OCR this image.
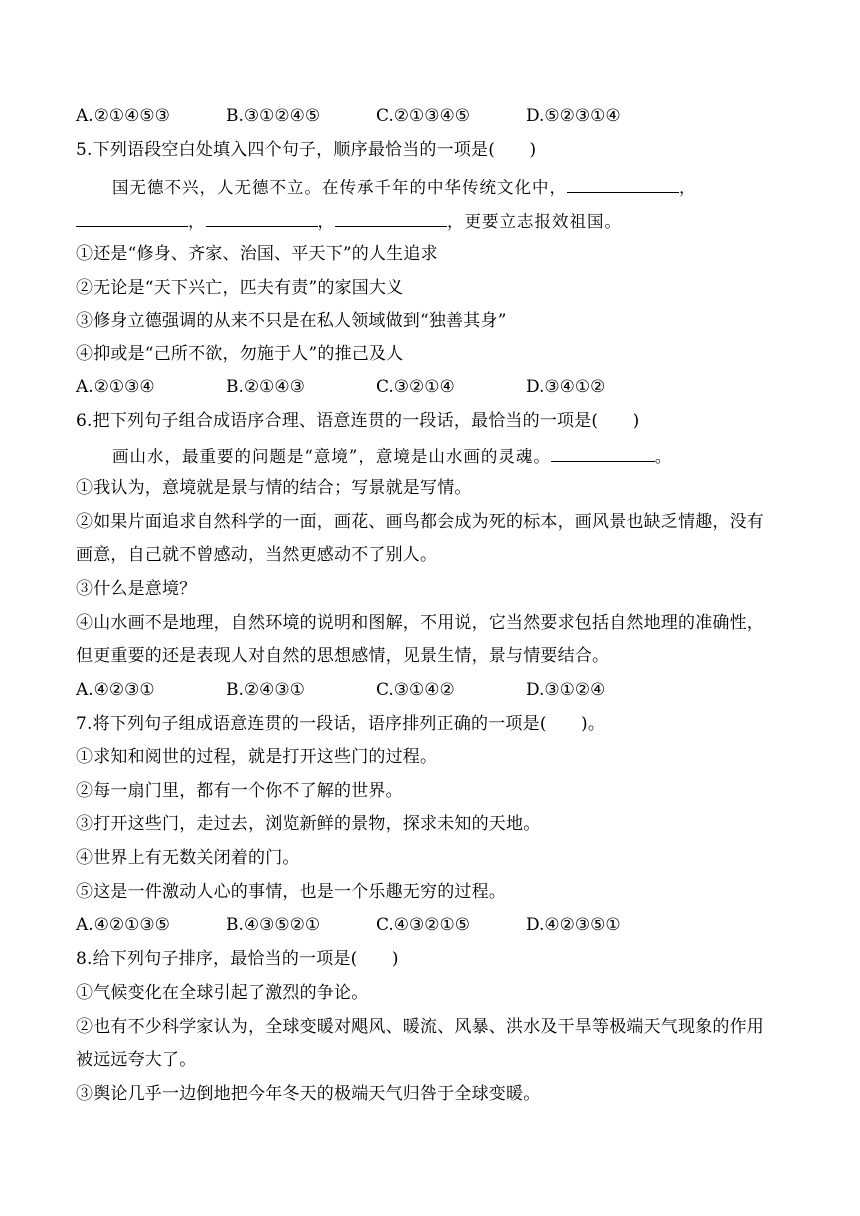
A.②①④⑤③	B.③①②④⑤	C.②①③④⑤	D.⑤②③①④
5.下列语段空白处填入四个句子，顺序最恰当的一项是(　　)
国无德不兴，人无德不立。在传承千年的中华传统文化中，	，
，	，	，更要立志报效祖国。
①还是“修身、齐家、治国、平天下”的人生追求
②无论是“天下兴亡，匹夫有责”的家国大义
③修身立德强调的从来不只是在私人领域做到“独善其身”
④抑或是“己所不欲，勿施于人”的推己及人
A.②①③④	B.②①④③	C.③②①④	D.③④①②
6.把下列句子组合成语序合理、语意连贯的一段话，最恰当的一项是(　　)
画山水，最重要的问题是“意境”，意境是山水画的灵魂。	。
①我认为，意境就是景与情的结合；写景就是写情。
②如果片面追求自然科学的一面，画花、画鸟都会成为死的标本，画风景也缺乏情趣，没有
画意，自己就不曾感动，当然更感动不了别人。
③什么是意境？
④山水画不是地理，自然环境的说明和图解，不用说，它当然要求包括自然地理的准确性，
但更重要的还是表现人对自然的思想感情，见景生情，景与情要结合。
A.④②③①	B.②④③①	C.③①④②	D.③①②④
7.将下列句子组成语意连贯的一段话，语序排列正确的一项是(　　)。
①求知和阅世的过程，就是打开这些门的过程。
②每一扇门里，都有一个你不了解的世界。
③打开这些门，走过去，浏览新鲜的景物，探求未知的天地。
④世界上有无数关闭着的门。
⑤这是一件激动人心的事情，也是一个乐趣无穷的过程。
A.④②①③⑤	B.④③⑤②①	C.④③②①⑤	D.④②③⑤①
8.给下列句子排序，最恰当的一项是(　　)
①气候变化在全球引起了激烈的争论。
②也有不少科学家认为，全球变暖对飓风、暖流、风暴、洪水及干旱等极端天气现象的作用
被远远夸大了。
③舆论几乎一边倒地把今年冬天的极端天气归咎于全球变暖。
